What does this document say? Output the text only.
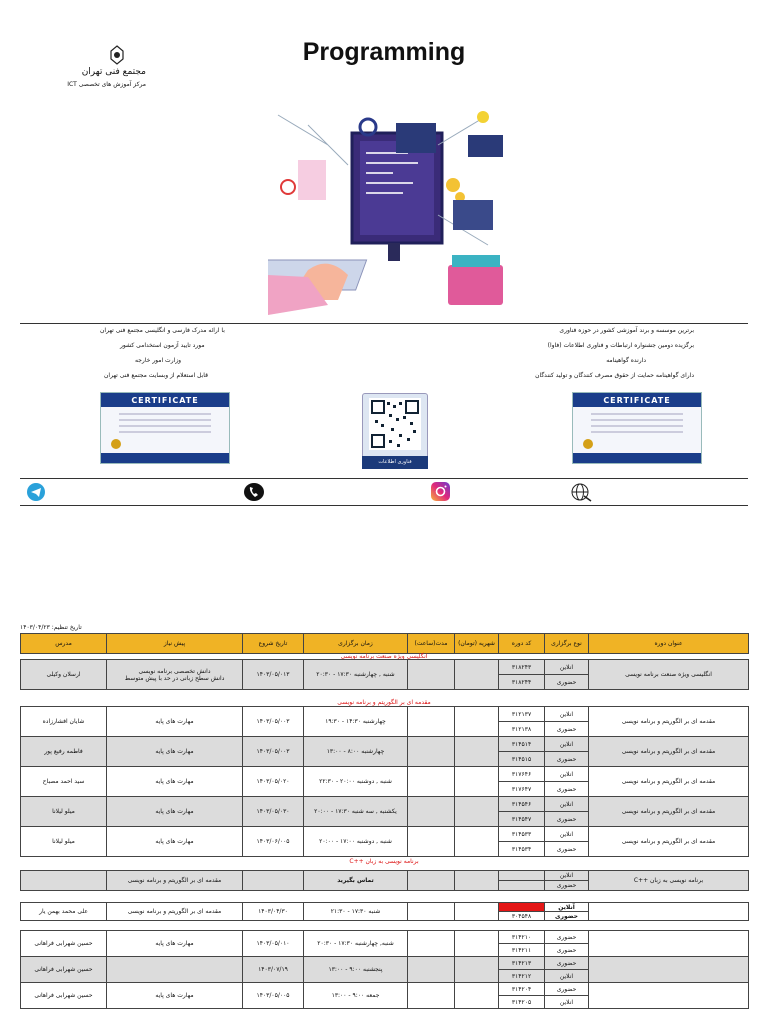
Programming
مجتمع فنی تهران
مرکز آموزش های تخصصی ICT
برترین موسسه و برند آموزشی کشور در حوزه فناوری
برگزیده دومین جشنواره ارتباطات و فناوری اطلاعات (فاوا)
دارنده گواهینامه
دارای گواهینامه حمایت از حقوق مصرف کنندگان و تولید کنندگان
با ارائه مدرک فارسی و انگلیسی مجتمع فنی تهران
مورد تایید آزمون استخدامی کشور
وزارت امور خارجه
قابل استعلام از وبسایت مجتمع فنی تهران
CERTIFICATE	CERTIFICATE
فناوری اطلاعات
تاریخ تنظیم: ۱۴۰۳/۰۴/۲۳
عنوان دوره	نوع برگزاری	کد دوره	شهریه (تومان)	مدت(ساعت)	زمان برگزاری	تاریخ شروع	پیش نیاز	مدرس
انگلیسی ویژه صنعت برنامه نویسی
انگلیسی ویژه صنعت برنامه نویسی	انلاین	۳۱۸۲۴۳			شنبه , چهارشنبه ۱۷:۳۰ - ۲۰:۳۰	۱۴۰۳/۰۵/۰۱۳	دانش تخصصی برنامه نویسی
دانش سطح زبانی در حد با پیش متوسط	ارسلان وکیلی
	حضوری	۳۱۸۲۴۴						
مقدمه ای بر الگوریتم و برنامه نویسی
مقدمه ای بر الگوریتم و برنامه نویسی	انلاین	۳۱۲۱۳۷			چهارشنبه ۱۴:۳۰ - ۱۹:۳۰	۱۴۰۳/۰۵/۰۰۳	مهارت های پایه	شایان افشارزاده
	حضوری	۳۱۲۱۳۸						
مقدمه ای بر الگوریتم و برنامه نویسی	انلاین	۳۱۴۵۱۴			چهارشنبه ۸:۰۰ - ۱۳:۰۰	۱۴۰۳/۰۵/۰۰۳	مهارت های پایه	فاطمه رفیع پور
	حضوری	۳۱۴۵۱۵						
مقدمه ای بر الگوریتم و برنامه نویسی	انلاین	۳۱۷۶۴۶			شنبه , دوشنبه ۲۰:۰۰ - ۲۲:۳۰	۱۴۰۳/۰۵/۰۲۰	مهارت های پایه	سید احمد مصباح
	حضوری	۳۱۷۶۴۷						
مقدمه ای بر الگوریتم و برنامه نویسی	انلاین	۳۱۴۵۴۶			یکشنبه , سه شنبه ۱۷:۳۰ - ۲۰:۰۰	۱۴۰۳/۰۵/۰۳۰	مهارت های پایه	میلو لیلانا
	حضوری	۳۱۴۵۴۷						
مقدمه ای بر الگوریتم و برنامه نویسی	انلاین	۳۱۴۵۳۳			شنبه , دوشنبه ۱۷:۰۰ - ۲۰:۰۰	۱۴۰۳/۰۶/۰۰۵	مهارت های پایه	میلو لیلانا
	حضوری	۳۱۴۵۳۴						
برنامه نویسی به زبان ++C
برنامه نویسی به زبان ++C	انلاین				تماس بگیرید		مقدمه ای بر الگوریتم و برنامه نویسی	
	حضوری							
	آنلاین				شنبه ۱۷:۳۰ - ۲۱:۳۰	۱۴۰۳/۰۴/۳۰	مقدمه ای بر الگوریتم و برنامه نویسی	علی محمد بهمن یار
	حضوری	۳۰۴۵۴۸						
	حضوری	۳۱۴۲۱۰			شنبه, چهارشنبه ۱۷:۳۰ - ۲۰:۳۰	۱۴۰۳/۰۵/۰۱۰	مهارت های پایه	حسین شهرابی فراهانی
	حضوری	۳۱۴۲۱۱						
	حضوری	۳۱۴۲۱۳			پنجشنبه ۹:۰۰ - ۱۳:۰۰	۱۴۰۳/۰۷/۱۹		حسین شهرابی فراهانی
	انلاین	۳۱۴۲۱۲						
	حضوری	۳۱۴۲۰۴			جمعه ۹:۰۰ - ۱۳:۰۰	۱۴۰۳/۰۵/۰۰۵	مهارت های پایه	حسین شهرابی فراهانی
	انلاین	۳۱۴۲۰۵						
